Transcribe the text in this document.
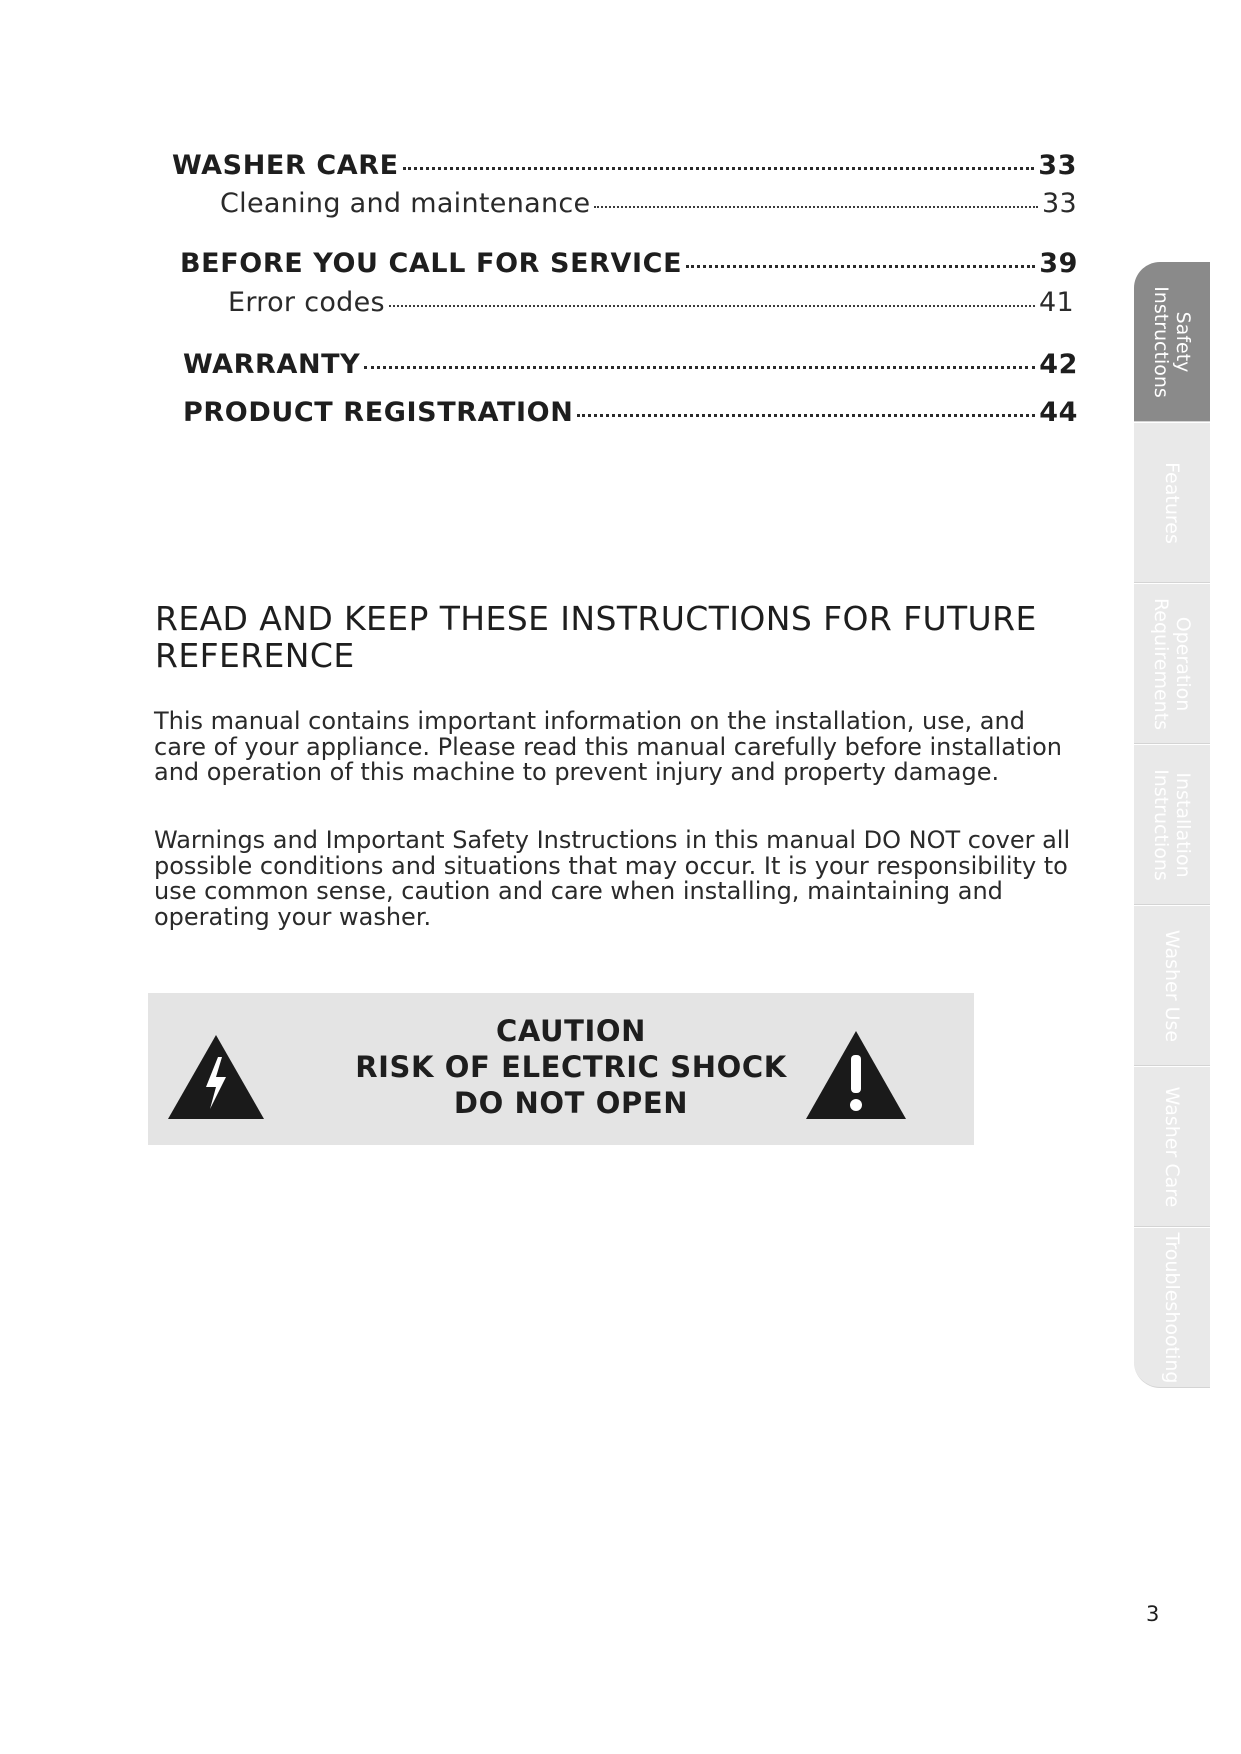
WASHER CARE	33
Cleaning and maintenance	33
BEFORE YOU CALL FOR SERVICE	39
Error codes	41
WARRANTY	42
PRODUCT REGISTRATION	44
READ AND KEEP THESE INSTRUCTIONS FOR FUTURE REFERENCE

This manual contains important information on the installation, use, and care of your appliance. Please read this manual carefully before installation and operation of this machine to prevent injury and property damage.

Warnings and Important Safety Instructions in this manual DO NOT cover all possible conditions and situations that may occur. It is your responsibility to use common sense, caution and care when installing, maintaining and operating your washer.

CAUTION
RISK OF ELECTRIC SHOCK
DO NOT OPEN
Safety
Instructions
Features
Operation
Requirements
Installation
Instructions
Washer Use
Washer Care
Troubleshooting
3
